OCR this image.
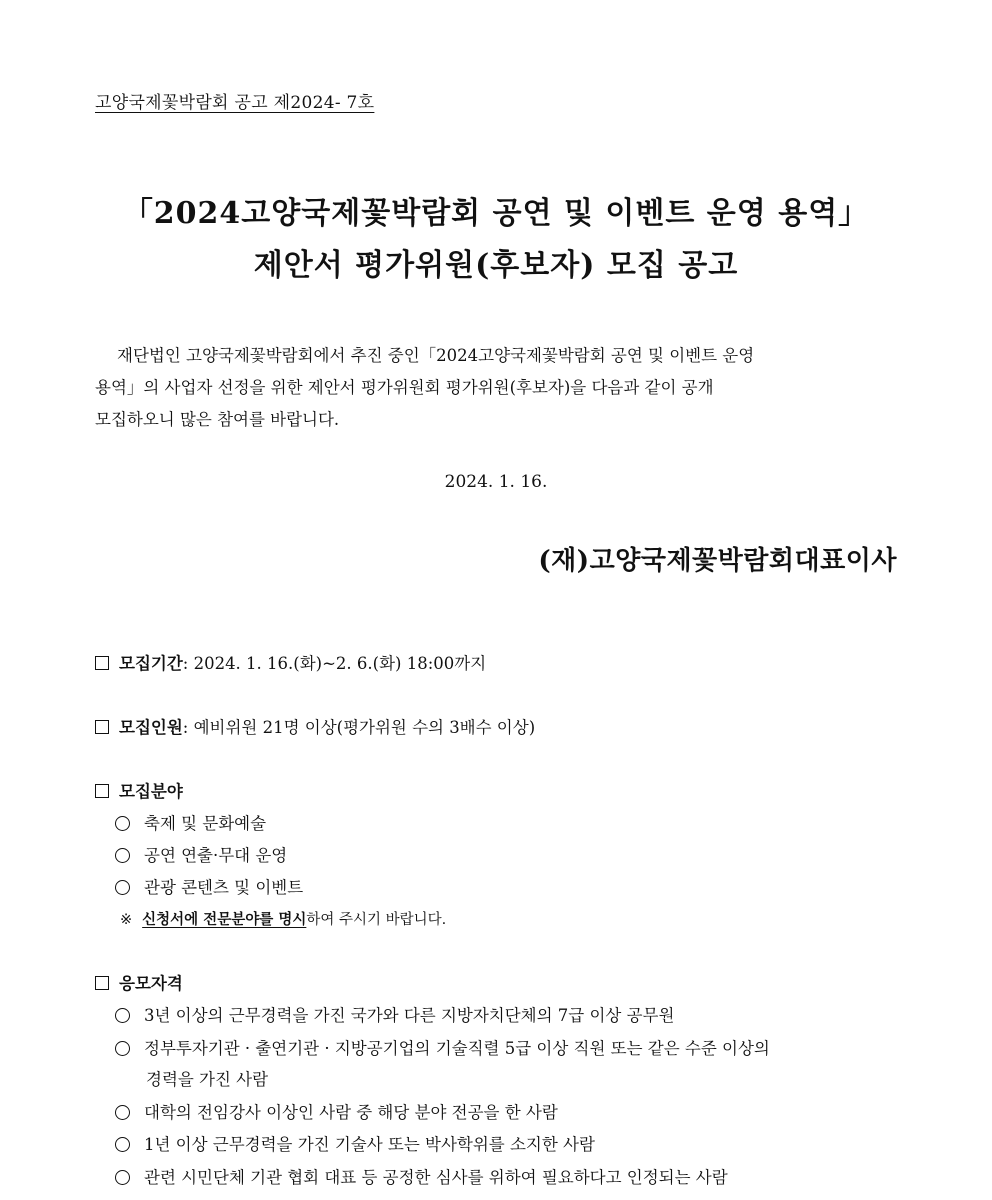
고양국제꽃박람회 공고 제2024- 7호
「2024고양국제꽃박람회 공연 및 이벤트 운영 용역」
제안서 평가위원(후보자) 모집 공고
재단법인 고양국제꽃박람회에서 추진 중인「2024고양국제꽃박람회 공연 및 이벤트 운영
용역」의 사업자 선정을 위한 제안서 평가위원회 평가위원(후보자)을 다음과 같이 공개
모집하오니 많은 참여를 바랍니다.
2024. 1. 16.
(재)고양국제꽃박람회대표이사
모집기간: 2024. 1. 16.(화)~2. 6.(화) 18:00까지
모집인원: 예비위원 21명 이상(평가위원 수의 3배수 이상)
모집분야
축제 및 문화예술
공연 연출·무대 운영
관광 콘텐츠 및 이벤트
※ 신청서에 전문분야를 명시하여 주시기 바랍니다.
응모자격
3년 이상의 근무경력을 가진 국가와 다른 지방자치단체의 7급 이상 공무원
정부투자기관 · 출연기관 · 지방공기업의 기술직렬 5급 이상 직원 또는 같은 수준 이상의
경력을 가진 사람
대학의 전임강사 이상인 사람 중 해당 분야 전공을 한 사람
1년 이상 근무경력을 가진 기술사 또는 박사학위를 소지한 사람
관련 시민단체 기관 협회 대표 등 공정한 심사를 위하여 필요하다고 인정되는 사람
